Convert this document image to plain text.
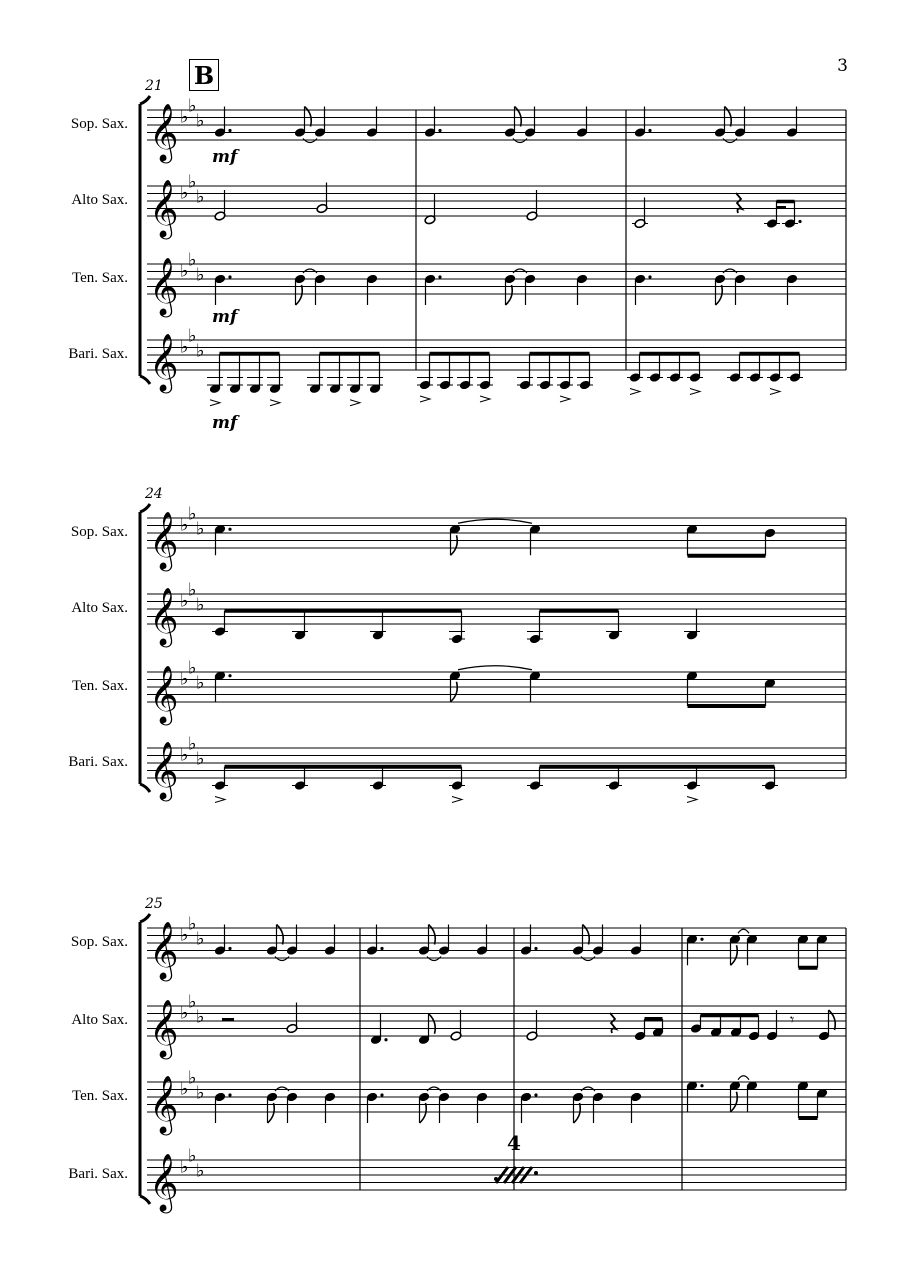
3
B
𝄞 ♭
♭
♭
Sop. Sax.
𝄞 ♭
♭
♭
Alto Sax.
𝄞 ♭
♭
♭
Ten. Sax.
𝄞 ♭
♭
♭
Bari. Sax.
21
mf
mf
mf
𝄞 ♭
♭
♭
Sop. Sax.
𝄞 ♭
♭
♭
Alto Sax.
𝄞 ♭
♭
♭
Ten. Sax.
𝄞 ♭
♭
♭
Bari. Sax.
24
𝄞 ♭
♭
♭
Sop. Sax.
𝄞 ♭
♭
♭
Alto Sax.
𝄞 ♭
♭
♭
Ten. Sax.
𝄞 ♭
♭
♭
Bari. Sax.
25
𝄾
4
